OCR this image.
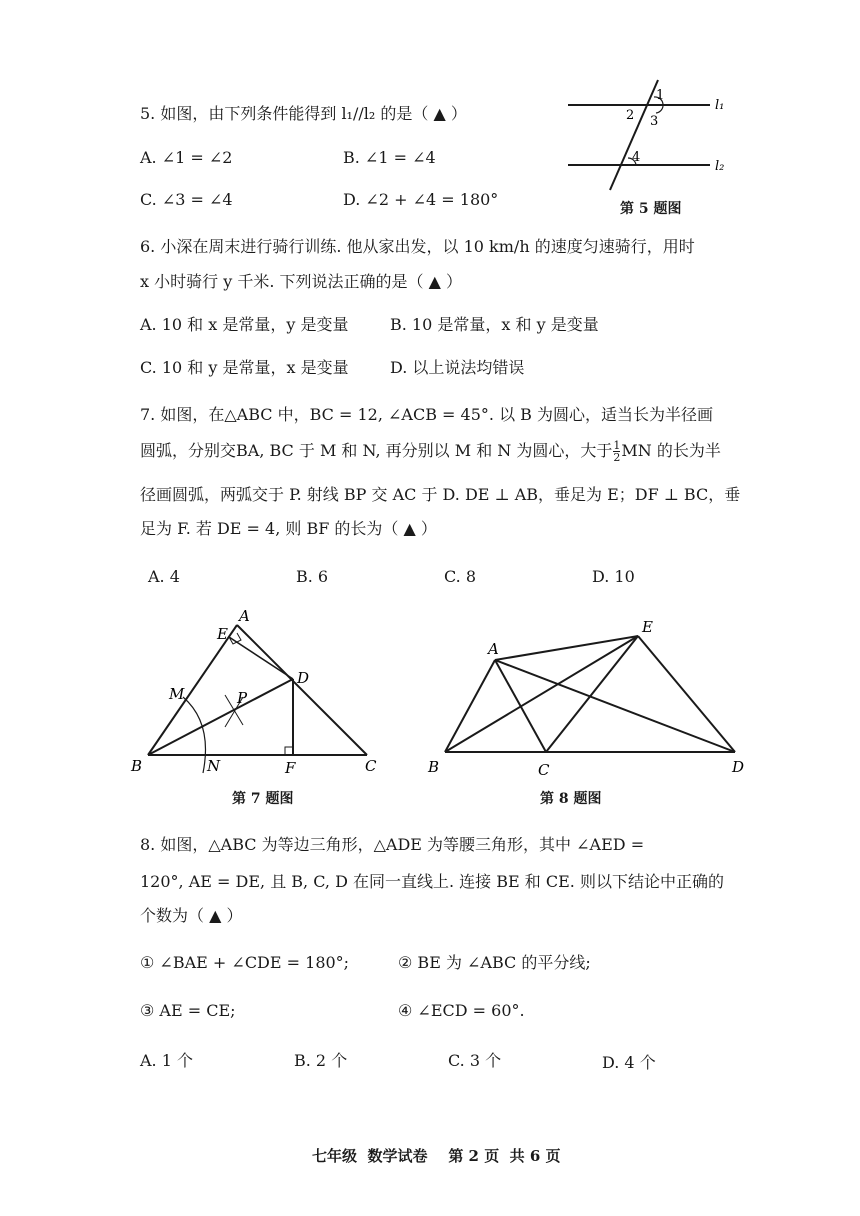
5. 如图，由下列条件能得到 l₁//l₂ 的是（ ▲ ）
A. ∠1 = ∠2	B. ∠1 = ∠4
C. ∠3 = ∠4	D. ∠2 + ∠4 = 180°
1
2 3
4
l₁
l₂
第 5 题图
6. 小深在周末进行骑行训练. 他从家出发，以 10 km/h 的速度匀速骑行，用时
x 小时骑行 y 千米. 下列说法正确的是（ ▲ ）
A. 10 和 x 是常量，y 是变量	B. 10 是常量，x 和 y 是变量
C. 10 和 y 是常量，x 是变量	D. 以上说法均错误
7. 如图，在△ABC 中，BC = 12, ∠ACB = 45°. 以 B 为圆心，适当长为半径画
圆弧，分别交BA, BC 于 M 和 N, 再分别以 M 和 N 为圆心，大于 $\frac{1}{2}$ MN 的长为半
径画圆弧，两弧交于 P. 射线 BP 交 AC 于 D. DE ⊥ AB，垂足为 E；DF ⊥ BC，垂
足为 F. 若 DE = 4, 则 BF 的长为（ ▲ ）
A. 4	B. 6	C. 8	D. 10
A
E
D
M	P
B	N	F	C
第 7 题图
A
E
B	C	D
第 8 题图
8. 如图，△ABC 为等边三角形，△ADE 为等腰三角形，其中 ∠AED =
120°, AE = DE, 且 B, C, D 在同一直线上. 连接 BE 和 CE. 则以下结论中正确的
个数为（ ▲ ）
① ∠BAE + ∠CDE = 180°;	② BE 为 ∠ABC 的平分线;
③ AE = CE;	④ ∠ECD = 60°.
A. 1 个	B. 2 个	C. 3 个	D. 4 个
七年级  数学试卷    第 2 页  共 6 页
